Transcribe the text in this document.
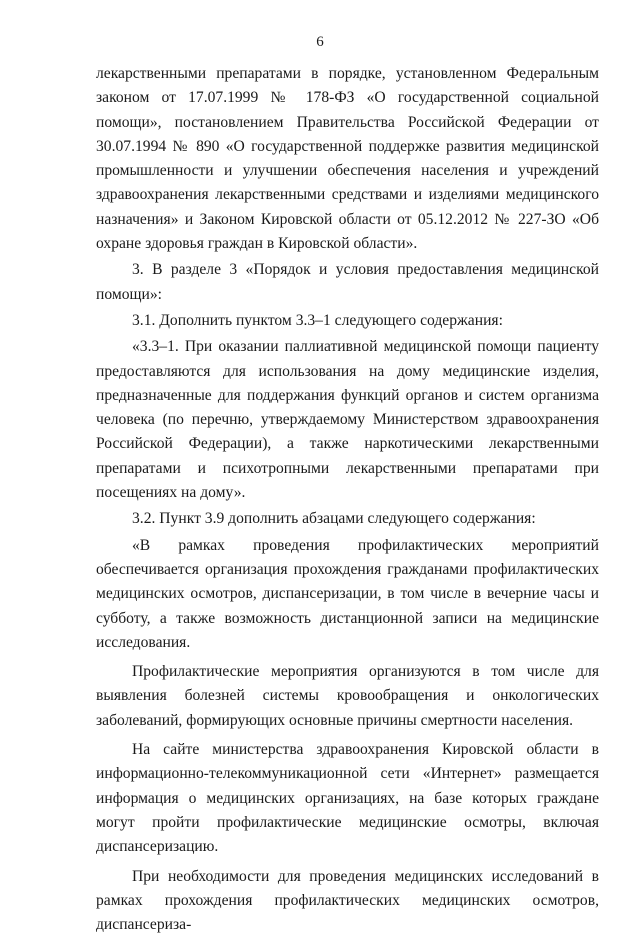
6

лекарственными препаратами в порядке, установленном Федеральным законом от 17.07.1999 № 178-ФЗ «О государственной социальной помощи», постановлением Правительства Российской Федерации от 30.07.1994 № 890 «О государственной поддержке развития медицинской промышленности и улучшении обеспечения населения и учреждений здравоохранения лекарственными средствами и изделиями медицинского назначения» и Законом Кировской области от 05.12.2012 № 227-ЗО «Об охране здоровья граждан в Кировской области».

3. В разделе 3 «Порядок и условия предоставления медицинской помощи»:

3.1. Дополнить пунктом 3.3–1 следующего содержания:

«3.3–1. При оказании паллиативной медицинской помощи пациенту предоставляются для использования на дому медицинские изделия, предназначенные для поддержания функций органов и систем организма человека (по перечню, утверждаемому Министерством здравоохранения Российской Федерации), а также наркотическими лекарственными препаратами и психотропными лекарственными препаратами при посещениях на дому».

3.2. Пункт 3.9 дополнить абзацами следующего содержания:

«В рамках проведения профилактических мероприятий обеспечивается организация прохождения гражданами профилактических медицинских осмотров, диспансеризации, в том числе в вечерние часы и субботу, а также возможность дистанционной записи на медицинские исследования.

Профилактические мероприятия организуются в том числе для выявления болезней системы кровообращения и онкологических заболеваний, формирующих основные причины смертности населения.

На сайте министерства здравоохранения Кировской области в информационно-телекоммуникационной сети «Интернет» размещается информация о медицинских организациях, на базе которых граждане могут пройти профилактические медицинские осмотры, включая диспансеризацию.

При необходимости для проведения медицинских исследований в рамках прохождения профилактических медицинских осмотров, диспансериза-
